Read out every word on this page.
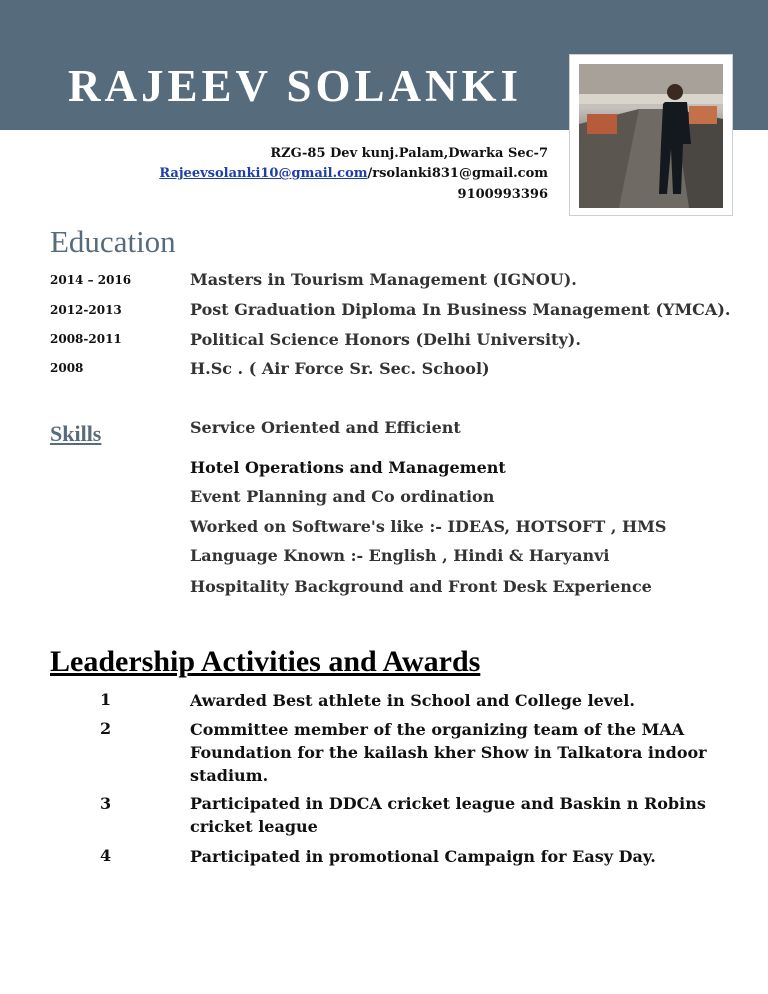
RAJEEV SOLANKI
RZG-85 Dev kunj.Palam,Dwarka Sec-7
Rajeevsolanki10@gmail.com/rsolanki831@gmail.com
9100993396
Education
2014 – 2016	Masters in Tourism Management (IGNOU).
2012-2013	Post Graduation Diploma In Business Management (YMCA).
2008-2011	Political Science Honors (Delhi University).
2008	H.Sc . ( Air Force Sr. Sec. School)
Skills	Service Oriented and Efficient
Hotel Operations and Management
Event Planning and Co ordination
Worked on Software's like :- IDEAS, HOTSOFT , HMS
Language Known :- English , Hindi & Haryanvi
Hospitality Background and Front Desk Experience
Leadership Activities and Awards
1	Awarded Best athlete in School and College level.
2	Committee member of the organizing team of the MAA Foundation for the kailash kher Show in Talkatora indoor stadium.
3	Participated in DDCA cricket league and Baskin n Robins cricket league
4	Participated in promotional Campaign for Easy Day.
